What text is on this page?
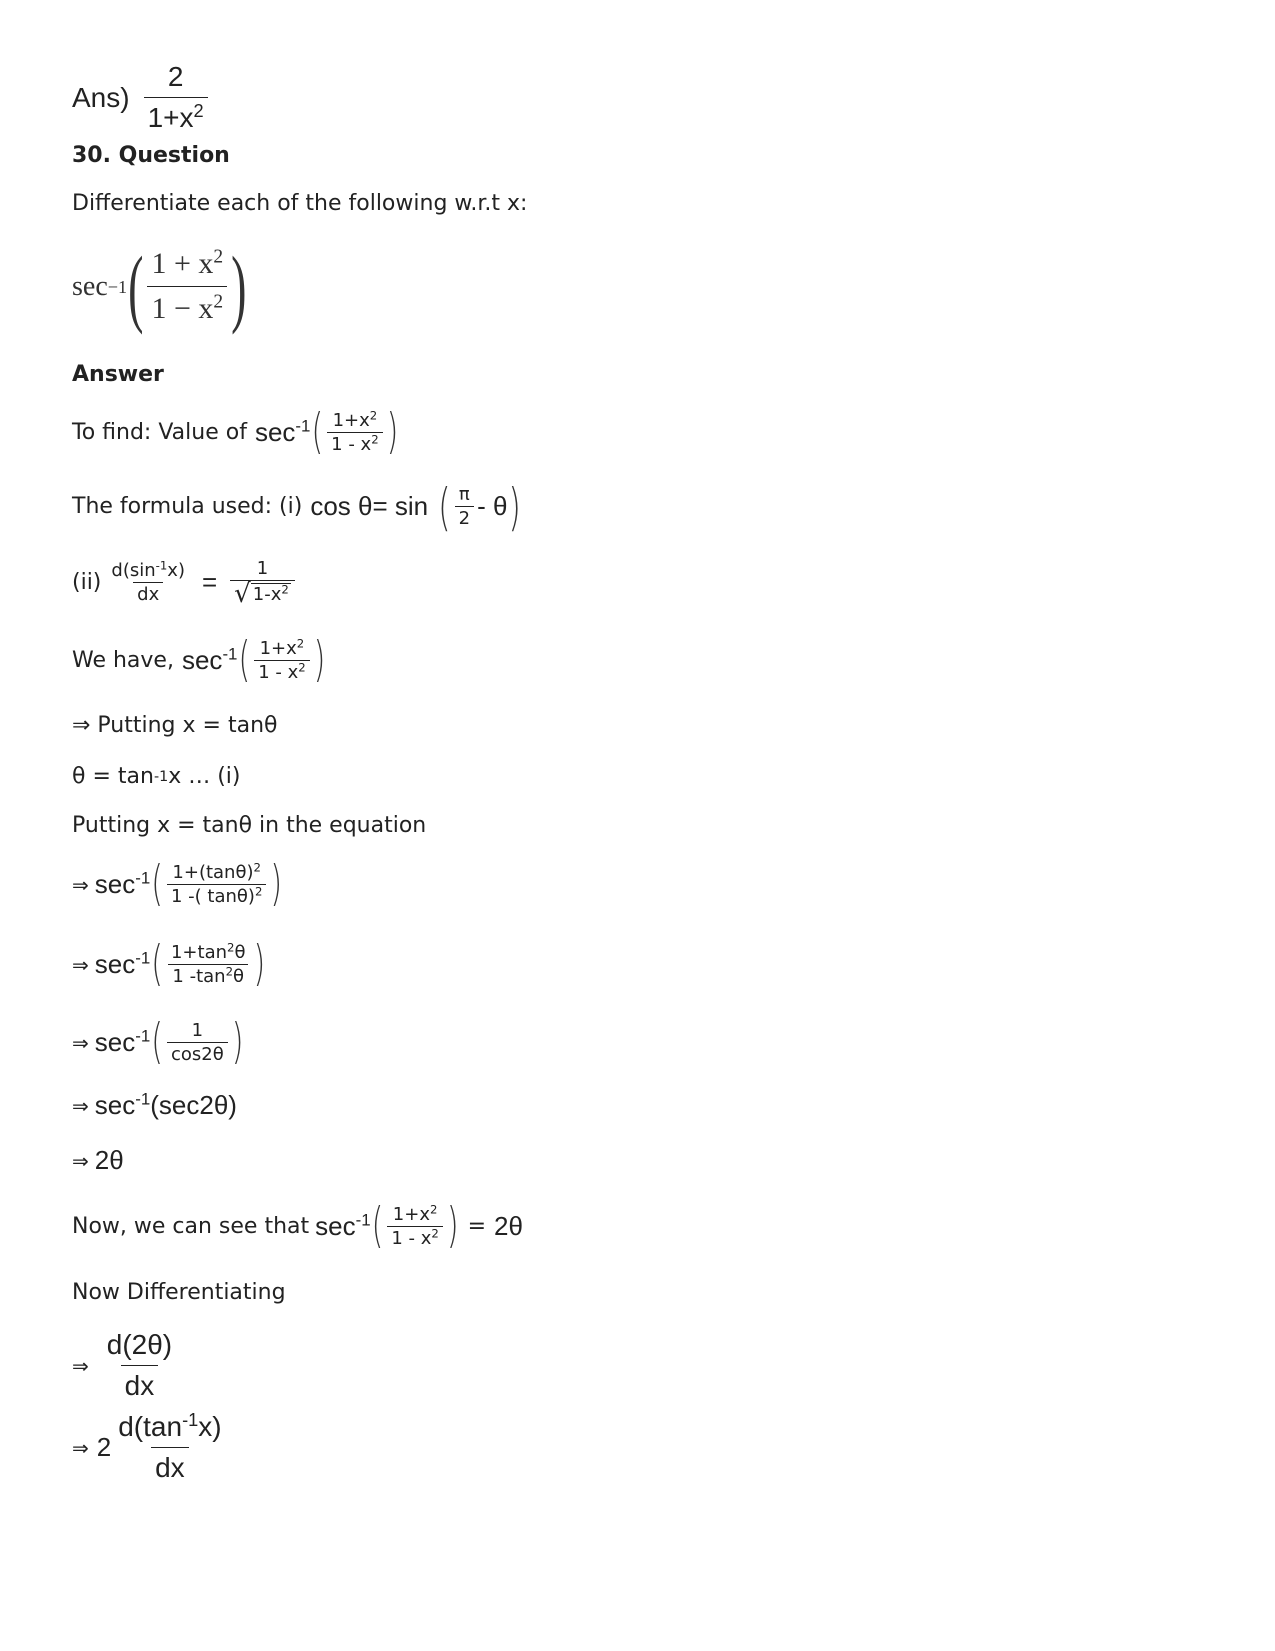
$Ans) \frac{2}{1+x^2}$
30. Question
Differentiate each of the following w.r.t x:
sec −1 ( $\frac{1 + x^2}{1 - x^2}$ )
Answer
To find: Value of $\sec^{-1}$ ( $\frac{1+x^2}{1 - x^2}$ )
The formula used: (i) cos θ= sin ( $\frac{\pi}{2}$ - θ )
$(ii) \frac{d(\sin^{-1}x)}{dx} = \frac{1}{√ 1-x^2}$
We have, $\sec^{-1}$ ( $\frac{1+x^2}{1 - x^2}$ )
⇒ Putting x = tanθ
θ = tan -1 x … (i)
Putting x = tanθ in the equation
⇒ $\sec^{-1}$ ( $\frac{1+(\tan\theta)^2}{1 -( \tan\theta)^2}$ )
⇒ $\sec^{-1}$ ( $\frac{1+\tan^2\theta}{1 -\tan^2\theta}$ )
⇒ $\sec^{-1}$ ( $\frac{1}{\cos 2\theta}$ )
⇒ $\sec^{-1}(\sec 2\theta)$
⇒ 2θ
Now, we can see that $\sec^{-1}$ ( $\frac{1+x^2}{1 - x^2}$ ) = 2θ
Now Differentiating
⇒ $\frac{d(2\theta)}{dx}$
⇒ $2 \frac{d(\tan^{-1}x)}{dx}$
